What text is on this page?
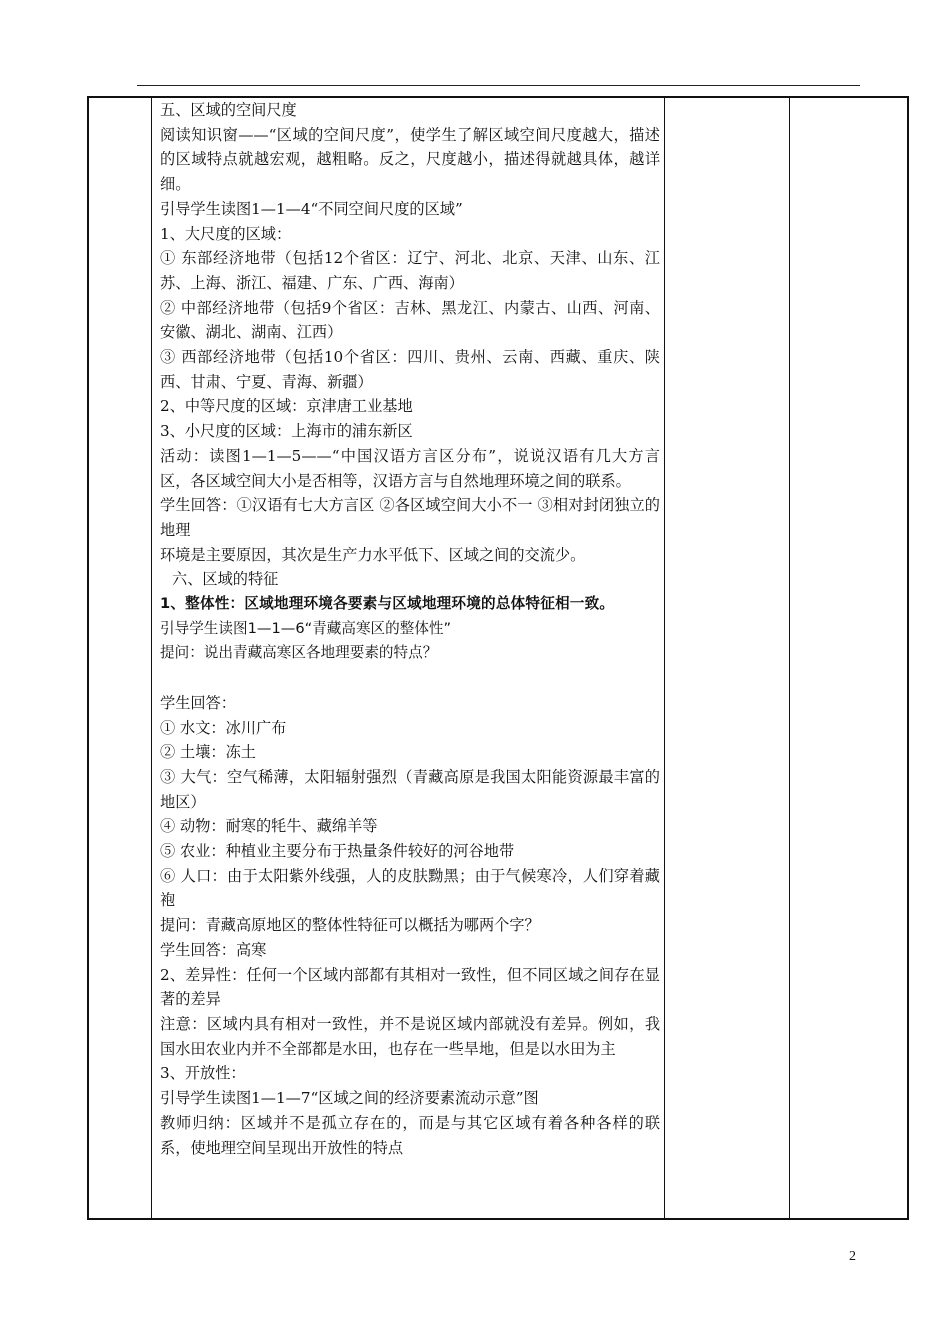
五、区域的空间尺度

阅读知识窗——“区域的空间尺度”，使学生了解区域空间尺度越大，描述的区域特点就越宏观，越粗略。反之，尺度越小，描述得就越具体，越详细。

引导学生读图1—1—4“不同空间尺度的区域”

1、大尺度的区域：

① 东部经济地带（包括12个省区：辽宁、河北、北京、天津、山东、江苏、上海、浙江、福建、广东、广西、海南）

② 中部经济地带（包括9个省区：吉林、黑龙江、内蒙古、山西、河南、安徽、湖北、湖南、江西）

③ 西部经济地带（包括10个省区：四川、贵州、云南、西藏、重庆、陕西、甘肃、宁夏、青海、新疆）

2、中等尺度的区域：京津唐工业基地

3、小尺度的区域：上海市的浦东新区

活动：读图1—1—5——“中国汉语方言区分布”，说说汉语有几大方言区，各区域空间大小是否相等，汉语方言与自然地理环境之间的联系。

学生回答：①汉语有七大方言区 ②各区域空间大小不一 ③相对封闭独立的地理

环境是主要原因，其次是生产力水平低下、区域之间的交流少。

六、区域的特征

1、整体性：区域地理环境各要素与区域地理环境的总体特征相一致。

引导学生读图1—1—6“青藏高寒区的整体性”

提问：说出青藏高寒区各地理要素的特点？

学生回答：

① 水文：冰川广布

② 土壤：冻土

③ 大气：空气稀薄，太阳辐射强烈（青藏高原是我国太阳能资源最丰富的地区）

④ 动物：耐寒的牦牛、藏绵羊等

⑤ 农业：种植业主要分布于热量条件较好的河谷地带

⑥ 人口：由于太阳紫外线强，人的皮肤黝黑；由于气候寒冷，人们穿着藏袍

提问：青藏高原地区的整体性特征可以概括为哪两个字？

学生回答：高寒

2、差异性：任何一个区域内部都有其相对一致性，但不同区域之间存在显著的差异

注意：区域内具有相对一致性，并不是说区域内部就没有差异。例如，我国水田农业内并不全部都是水田，也存在一些旱地，但是以水田为主

3、开放性：

引导学生读图1—1—7“区域之间的经济要素流动示意”图

教师归纳：区域并不是孤立存在的，而是与其它区域有着各种各样的联系，使地理空间呈现出开放性的特点

2
